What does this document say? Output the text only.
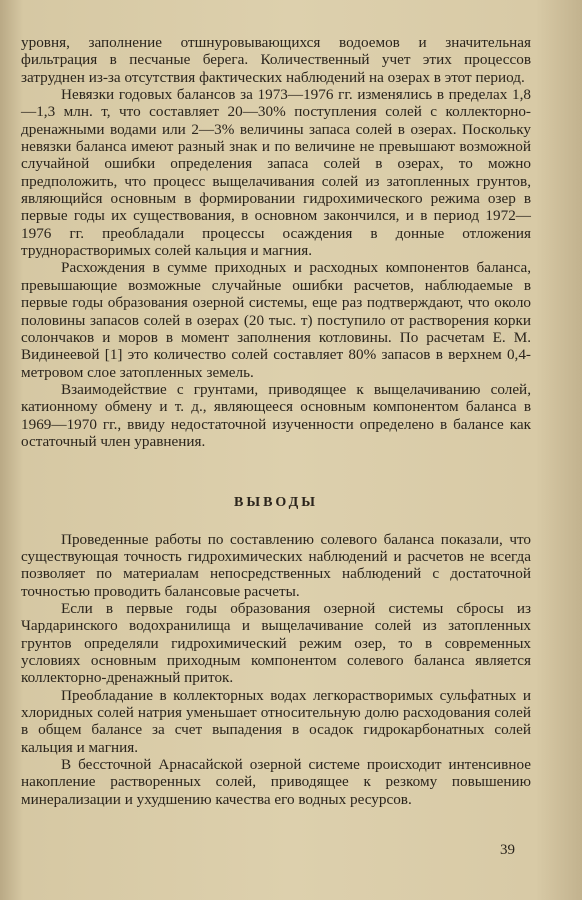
уровня, заполнение отшнуровывающихся водоемов и значительная фильтрация в песчаные берега. Количественный учет этих процессов затруднен из-за отсутствия фактических наблюдений на озерах в этот период.

Невязки годовых балансов за 1973—1976 гг. изменялись в пределах 1,8—1,3 млн. т, что составляет 20—30% поступления солей с коллекторно-дренажными водами или 2—3% величины запаса солей в озерах. Поскольку невязки баланса имеют разный знак и по величине не превышают возможной случайной ошибки определения запаса солей в озерах, то можно предположить, что процесс выщелачивания солей из затопленных грунтов, являющийся основным в формировании гидрохимического режима озер в первые годы их существования, в основном закончился, и в период 1972—1976 гг. преобладали процессы осаждения в донные отложения труднорастворимых солей кальция и магния.

Расхождения в сумме приходных и расходных компонентов баланса, превышающие возможные случайные ошибки расчетов, наблюдаемые в первые годы образования озерной системы, еще раз подтверждают, что около половины запасов солей в озерах (20 тыс. т) поступило от растворения корки солончаков и моров в момент заполнения котловины. По расчетам Е. М. Видинеевой [1] это количество солей составляет 80% запасов в верхнем 0,4-метровом слое затопленных земель.

Взаимодействие с грунтами, приводящее к выщелачиванию солей, катионному обмену и т. д., являющееся основным компонентом баланса в 1969—1970 гг., ввиду недостаточной изученности определено в балансе как остаточный член уравнения.

ВЫВОДЫ

Проведенные работы по составлению солевого баланса показали, что существующая точность гидрохимических наблюдений и расчетов не всегда позволяет по материалам непосредственных наблюдений с достаточной точностью проводить балансовые расчеты.

Если в первые годы образования озерной системы сбросы из Чардаринского водохранилища и выщелачивание солей из затопленных грунтов определяли гидрохимический режим озер, то в современных условиях основным приходным компонентом солевого баланса является коллекторно-дренажный приток.

Преобладание в коллекторных водах легкорастворимых сульфатных и хлоридных солей натрия уменьшает относительную долю расходования солей в общем балансе за счет выпадения в осадок гидрокарбонатных солей кальция и магния.

В бессточной Арнасайской озерной системе происходит интенсивное накопление растворенных солей, приводящее к резкому повышению минерализации и ухудшению качества его водных ресурсов.

39
